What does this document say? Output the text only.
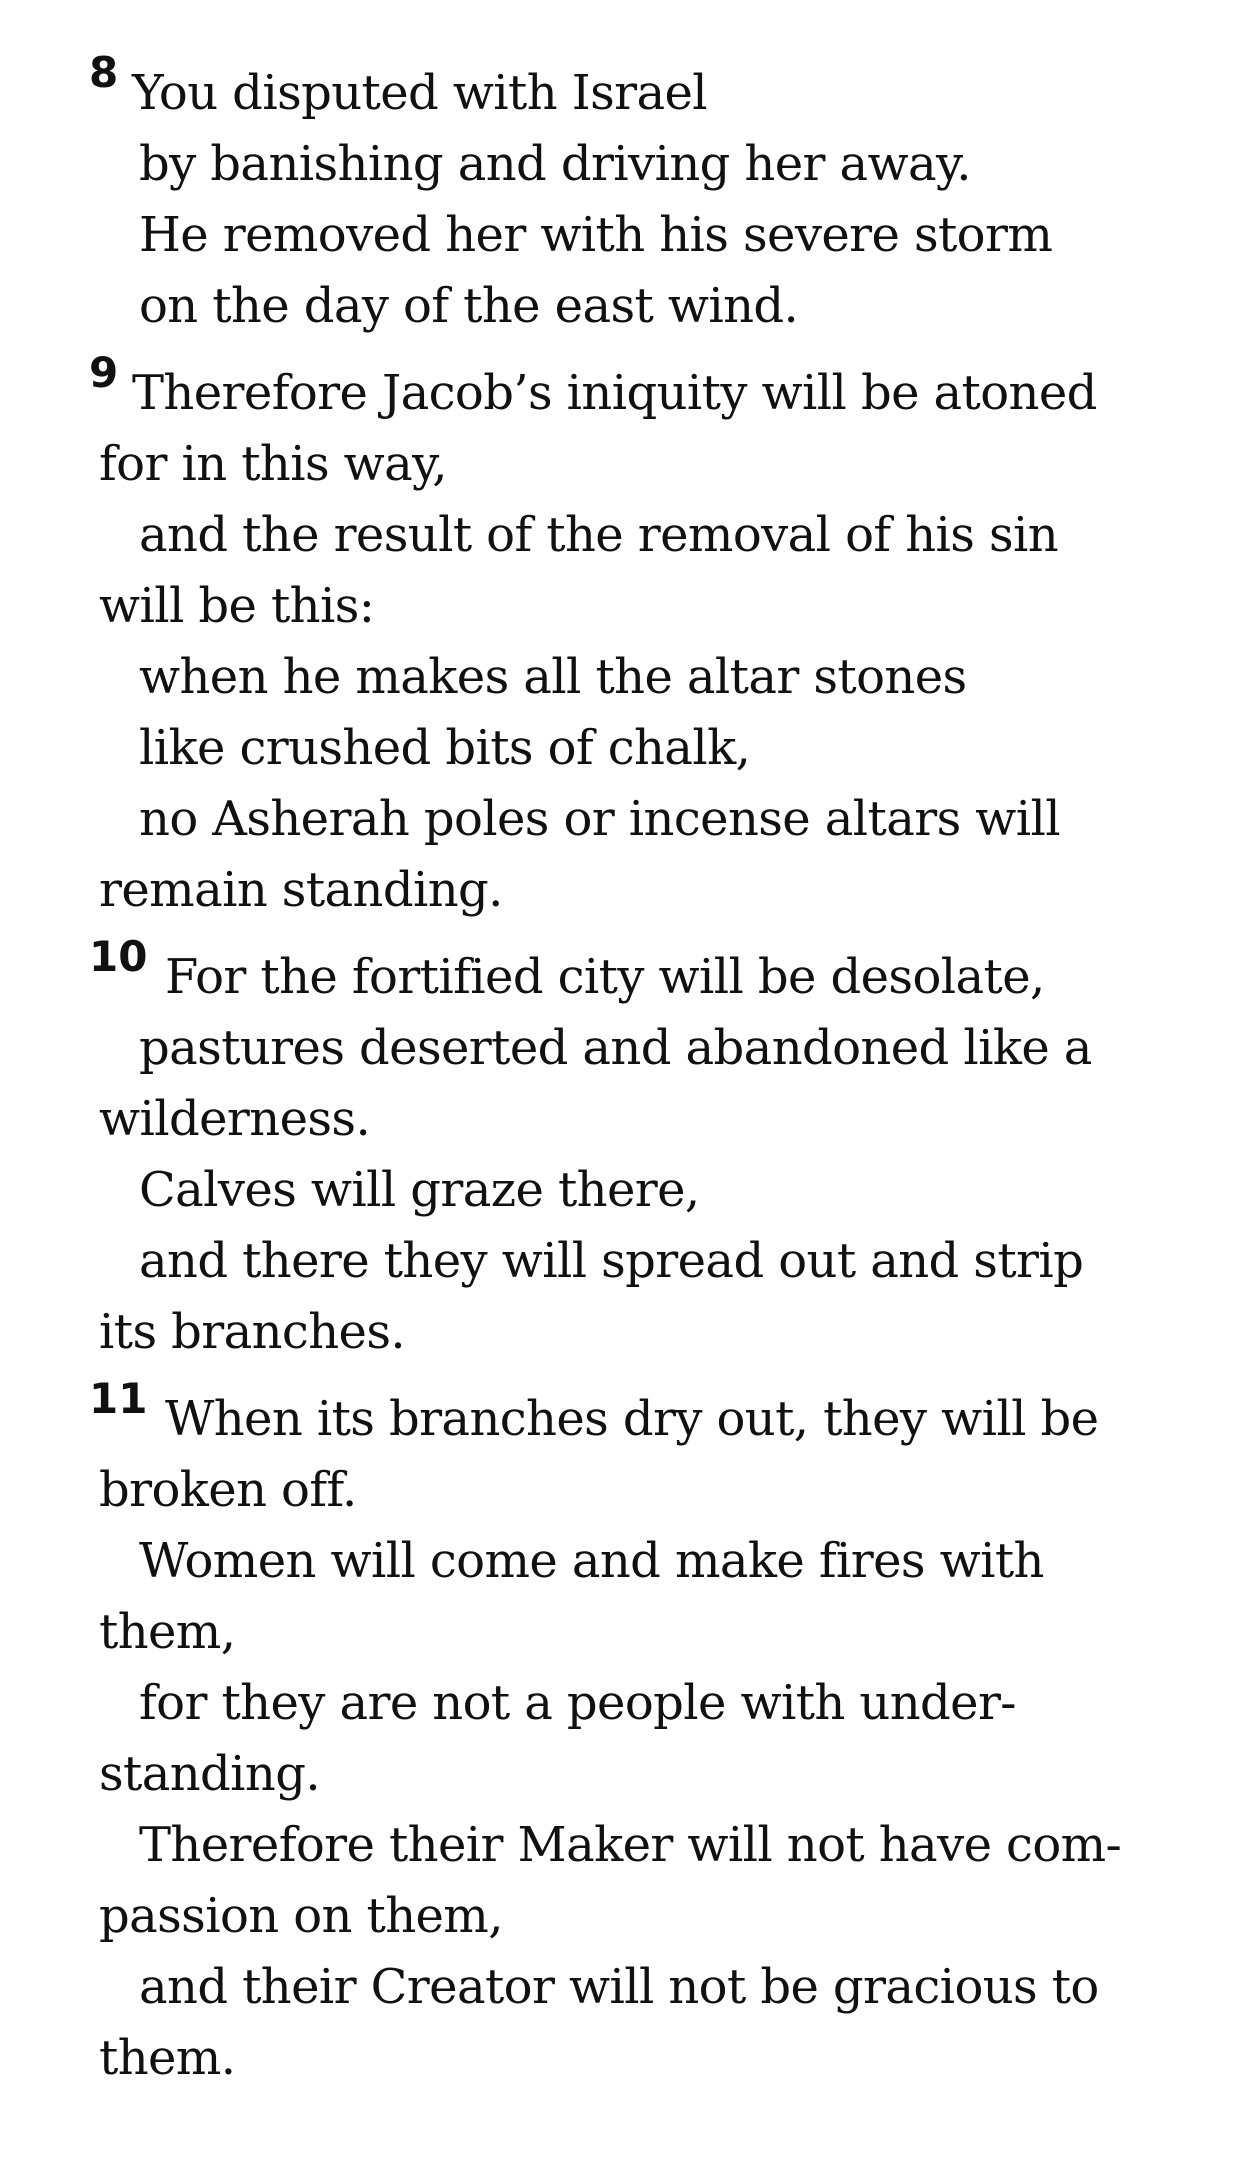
8 You disputed with Israel
by banishing and driving her away.
He removed her with his severe storm
on the day of the east wind.
9 Therefore Jacob’s iniquity will be atoned
for in this way,
and the result of the removal of his sin
will be this:
when he makes all the altar stones
like crushed bits of chalk,
no Asherah poles or incense altars will
remain standing.
10 For the fortified city will be desolate,
pastures deserted and abandoned like a
wilderness.
Calves will graze there,
and there they will spread out and strip
its branches.
11 When its branches dry out, they will be
broken off.
Women will come and make fires with
them,
for they are not a people with under-
standing.
Therefore their Maker will not have com-
passion on them,
and their Creator will not be gracious to
them.
